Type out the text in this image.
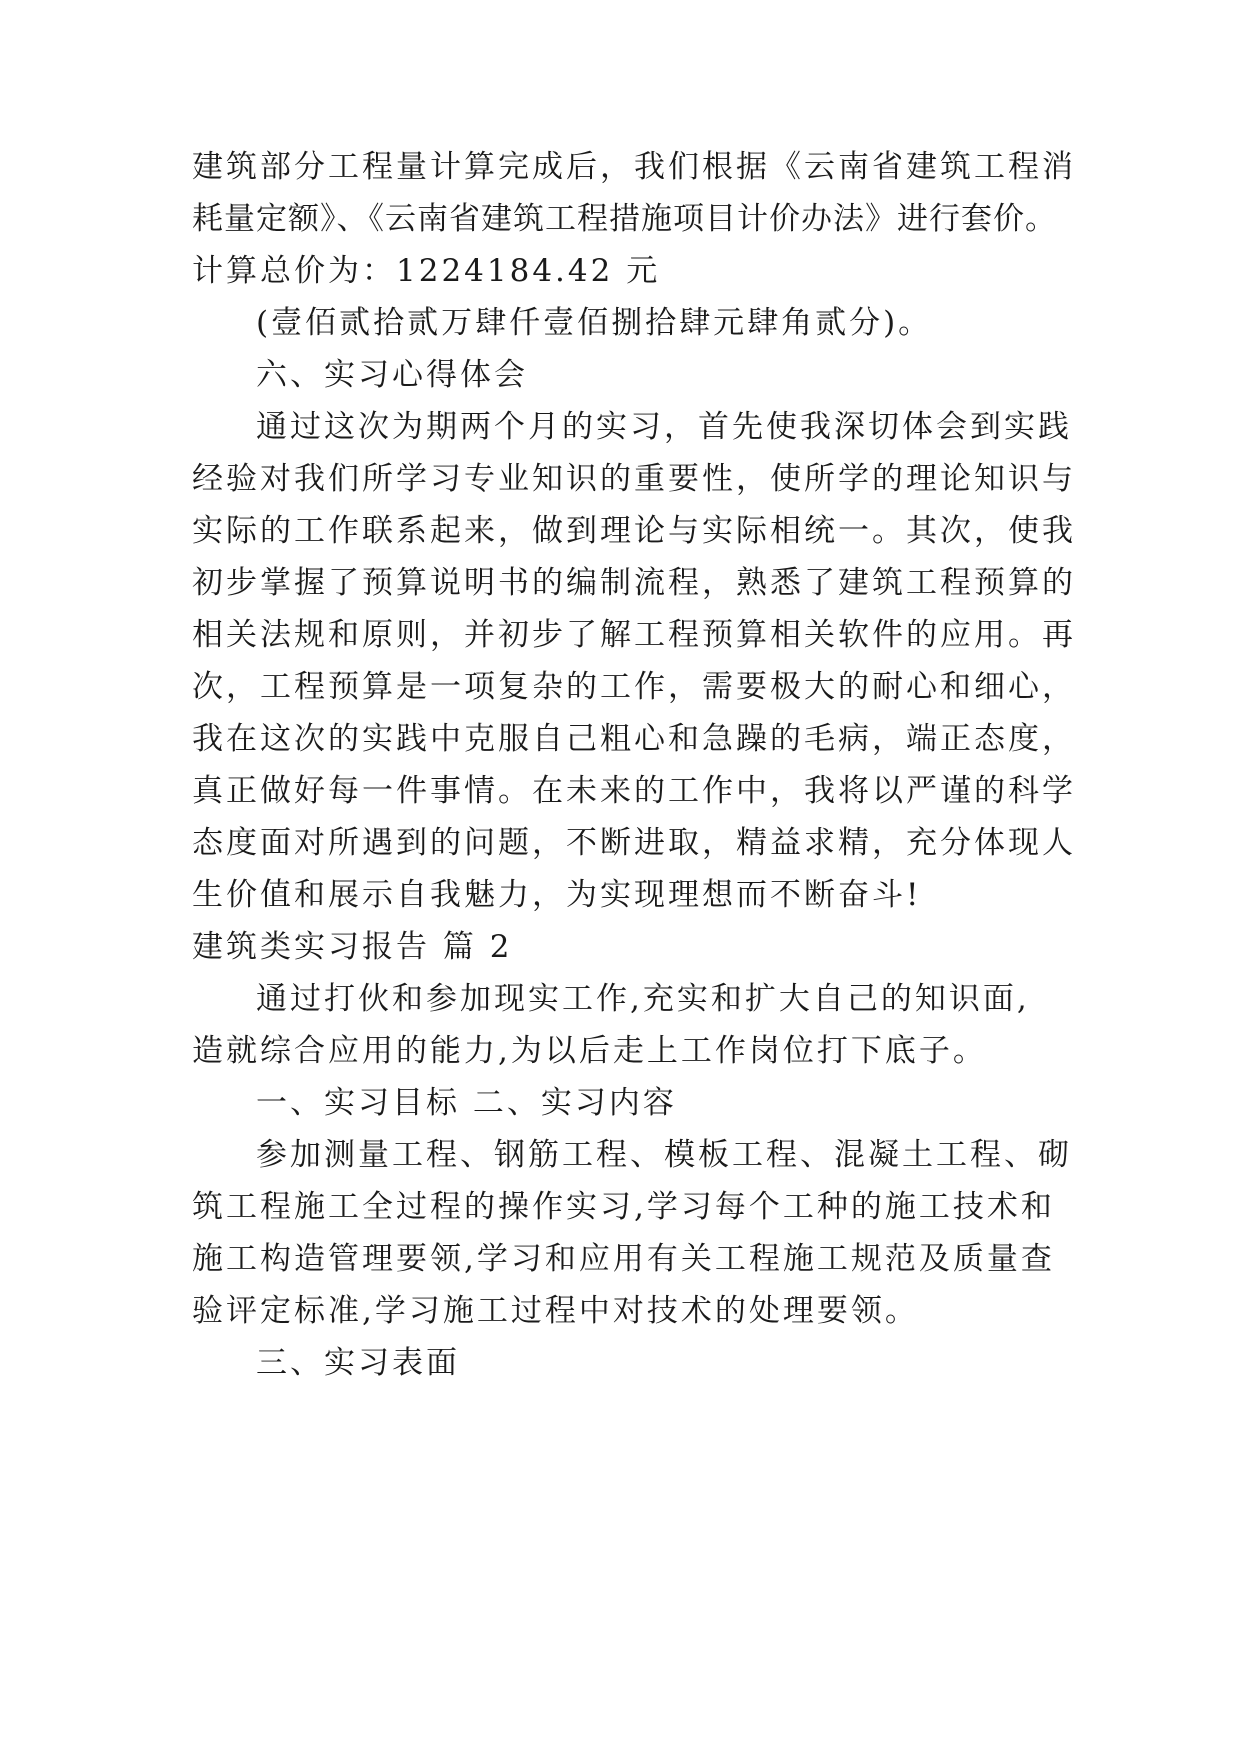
建筑部分工程量计算完成后，我们根据《云南省建筑工程消
耗量定额》、《云南省建筑工程措施项目计价办法》进行套价。
计算总价为：1224184.42 元
(壹佰贰拾贰万肆仟壹佰捌拾肆元肆角贰分)。
六、实习心得体会
通过这次为期两个月的实习，首先使我深切体会到实践
经验对我们所学习专业知识的重要性，使所学的理论知识与
实际的工作联系起来，做到理论与实际相统一。其次，使我
初步掌握了预算说明书的编制流程，熟悉了建筑工程预算的
相关法规和原则，并初步了解工程预算相关软件的应用。再
次，工程预算是一项复杂的工作，需要极大的耐心和细心，
我在这次的实践中克服自己粗心和急躁的毛病，端正态度，
真正做好每一件事情。在未来的工作中，我将以严谨的科学
态度面对所遇到的问题，不断进取，精益求精，充分体现人
生价值和展示自我魅力，为实现理想而不断奋斗!
建筑类实习报告 篇 2
通过打伙和参加现实工作,充实和扩大自己的知识面,
造就综合应用的能力,为以后走上工作岗位打下底子。
一、实习目标 二、实习内容
参加测量工程、钢筋工程、模板工程、混凝土工程、砌
筑工程施工全过程的操作实习,学习每个工种的施工技术和
施工构造管理要领,学习和应用有关工程施工规范及质量查
验评定标准,学习施工过程中对技术的处理要领。
三、实习表面
